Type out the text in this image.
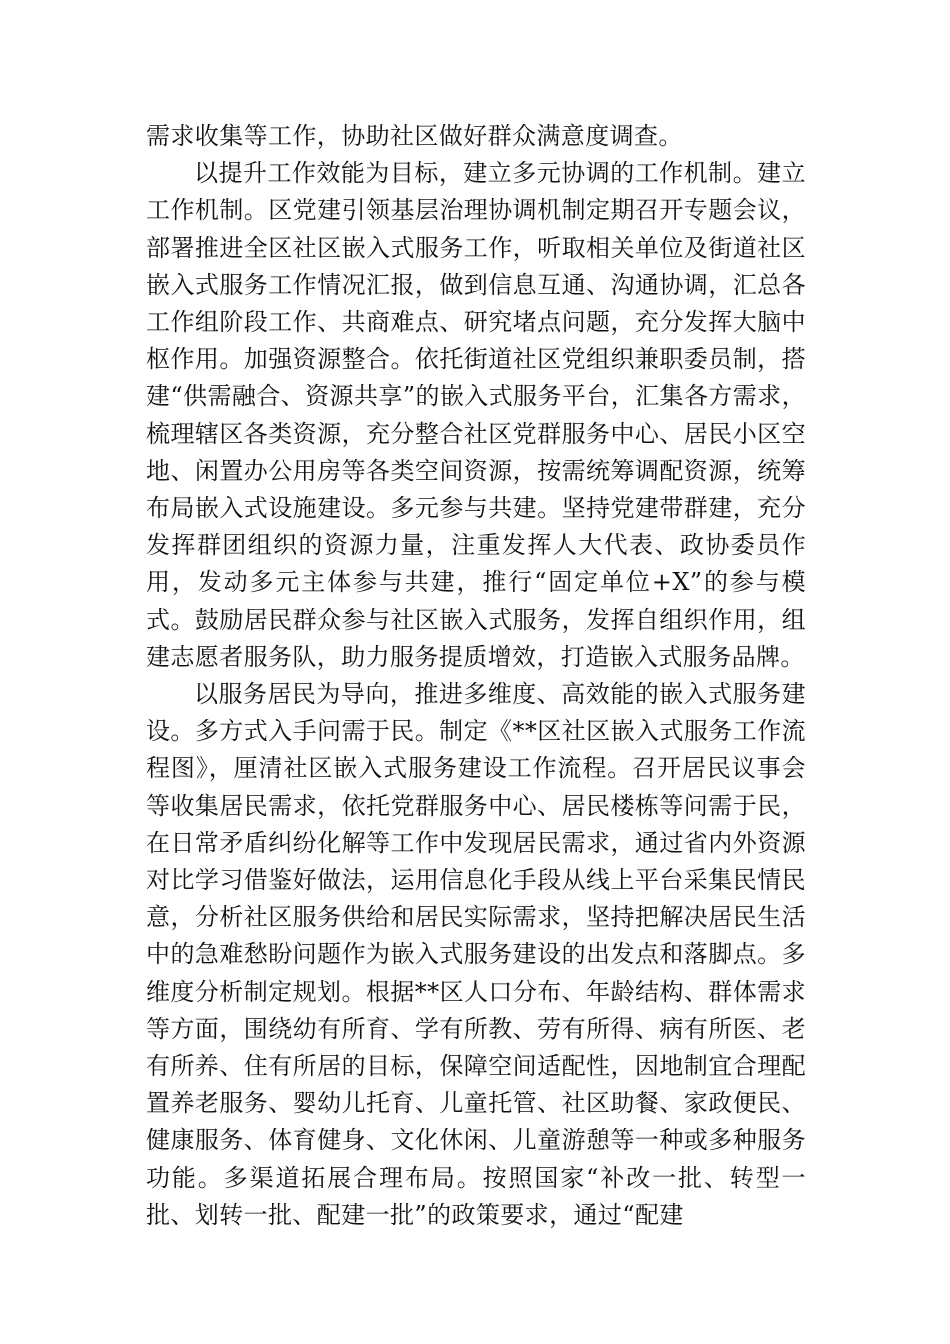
需求收集等工作，协助社区做好群众满意度调查。

以提升工作效能为目标，建立多元协调的工作机制。建立工作机制。区党建引领基层治理协调机制定期召开专题会议，部署推进全区社区嵌入式服务工作，听取相关单位及街道社区嵌入式服务工作情况汇报，做到信息互通、沟通协调，汇总各工作组阶段工作、共商难点、研究堵点问题，充分发挥大脑中枢作用。加强资源整合。依托街道社区党组织兼职委员制，搭建“供需融合、资源共享”的嵌入式服务平台，汇集各方需求，梳理辖区各类资源，充分整合社区党群服务中心、居民小区空地、闲置办公用房等各类空间资源，按需统筹调配资源，统筹布局嵌入式设施建设。多元参与共建。坚持党建带群建，充分发挥群团组织的资源力量，注重发挥人大代表、政协委员作用，发动多元主体参与共建，推行“固定单位+X”的参与模式。鼓励居民群众参与社区嵌入式服务，发挥自组织作用，组建志愿者服务队，助力服务提质增效，打造嵌入式服务品牌。

以服务居民为导向，推进多维度、高效能的嵌入式服务建设。多方式入手问需于民。制定《**区社区嵌入式服务工作流程图》，厘清社区嵌入式服务建设工作流程。召开居民议事会等收集居民需求，依托党群服务中心、居民楼栋等问需于民，在日常矛盾纠纷化解等工作中发现居民需求，通过省内外资源对比学习借鉴好做法，运用信息化手段从线上平台采集民情民意，分析社区服务供给和居民实际需求，坚持把解决居民生活中的急难愁盼问题作为嵌入式服务建设的出发点和落脚点。多维度分析制定规划。根据**区人口分布、年龄结构、群体需求等方面，围绕幼有所育、学有所教、劳有所得、病有所医、老有所养、住有所居的目标，保障空间适配性，因地制宜合理配置养老服务、婴幼儿托育、儿童托管、社区助餐、家政便民、健康服务、体育健身、文化休闲、儿童游憩等一种或多种服务功能。多渠道拓展合理布局。按照国家“补改一批、转型一批、划转一批、配建一批”的政策要求，通过“配建
